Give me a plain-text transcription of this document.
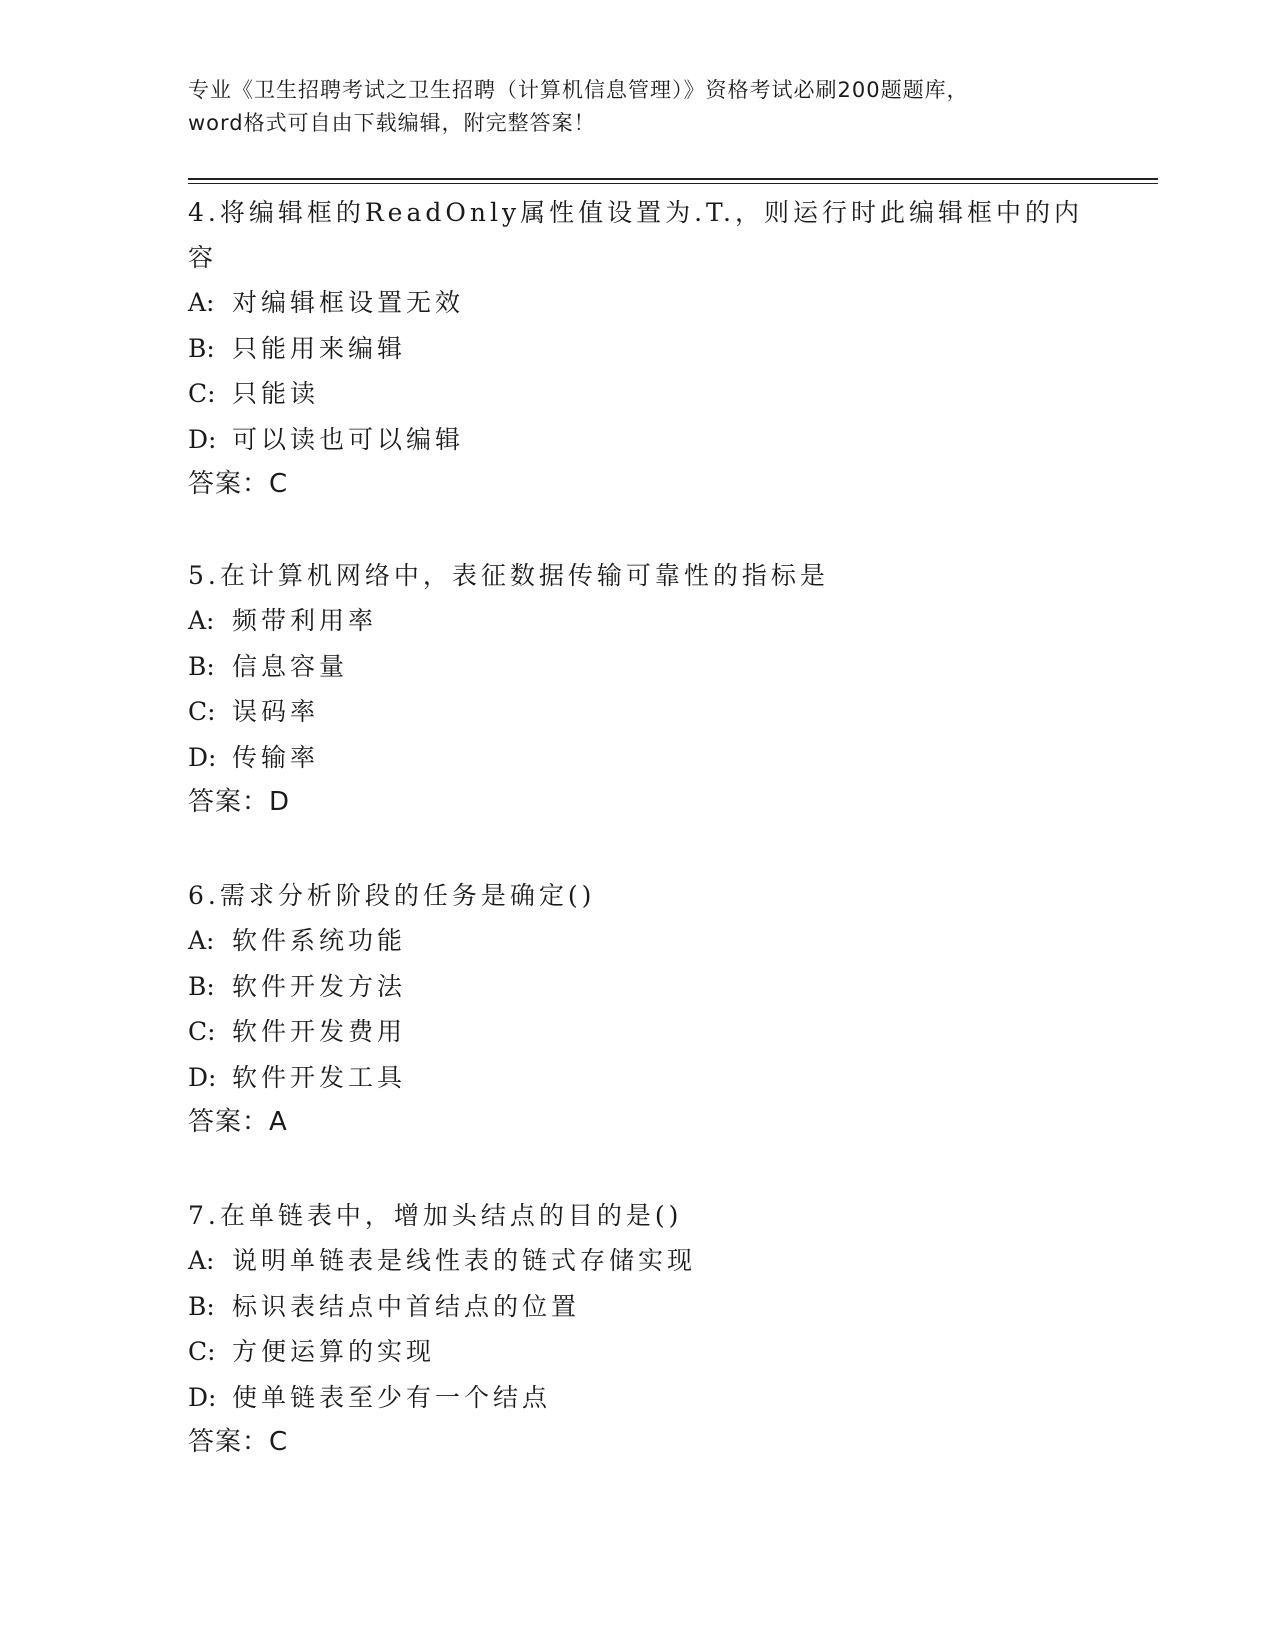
专业《卫生招聘考试之卫生招聘（计算机信息管理）》资格考试必刷200题题库，
word格式可自由下载编辑，附完整答案！
4.将编辑框的ReadOnly属性值设置为.T.，则运行时此编辑框中的内容
A: 对编辑框设置无效
B: 只能用来编辑
C: 只能读
D: 可以读也可以编辑
答案：C
5.在计算机网络中，表征数据传输可靠性的指标是
A: 频带利用率
B: 信息容量
C: 误码率
D: 传输率
答案：D
6.需求分析阶段的任务是确定()
A: 软件系统功能
B: 软件开发方法
C: 软件开发费用
D: 软件开发工具
答案：A
7.在单链表中，增加头结点的目的是()
A: 说明单链表是线性表的链式存储实现
B: 标识表结点中首结点的位置
C: 方便运算的实现
D: 使单链表至少有一个结点
答案：C
